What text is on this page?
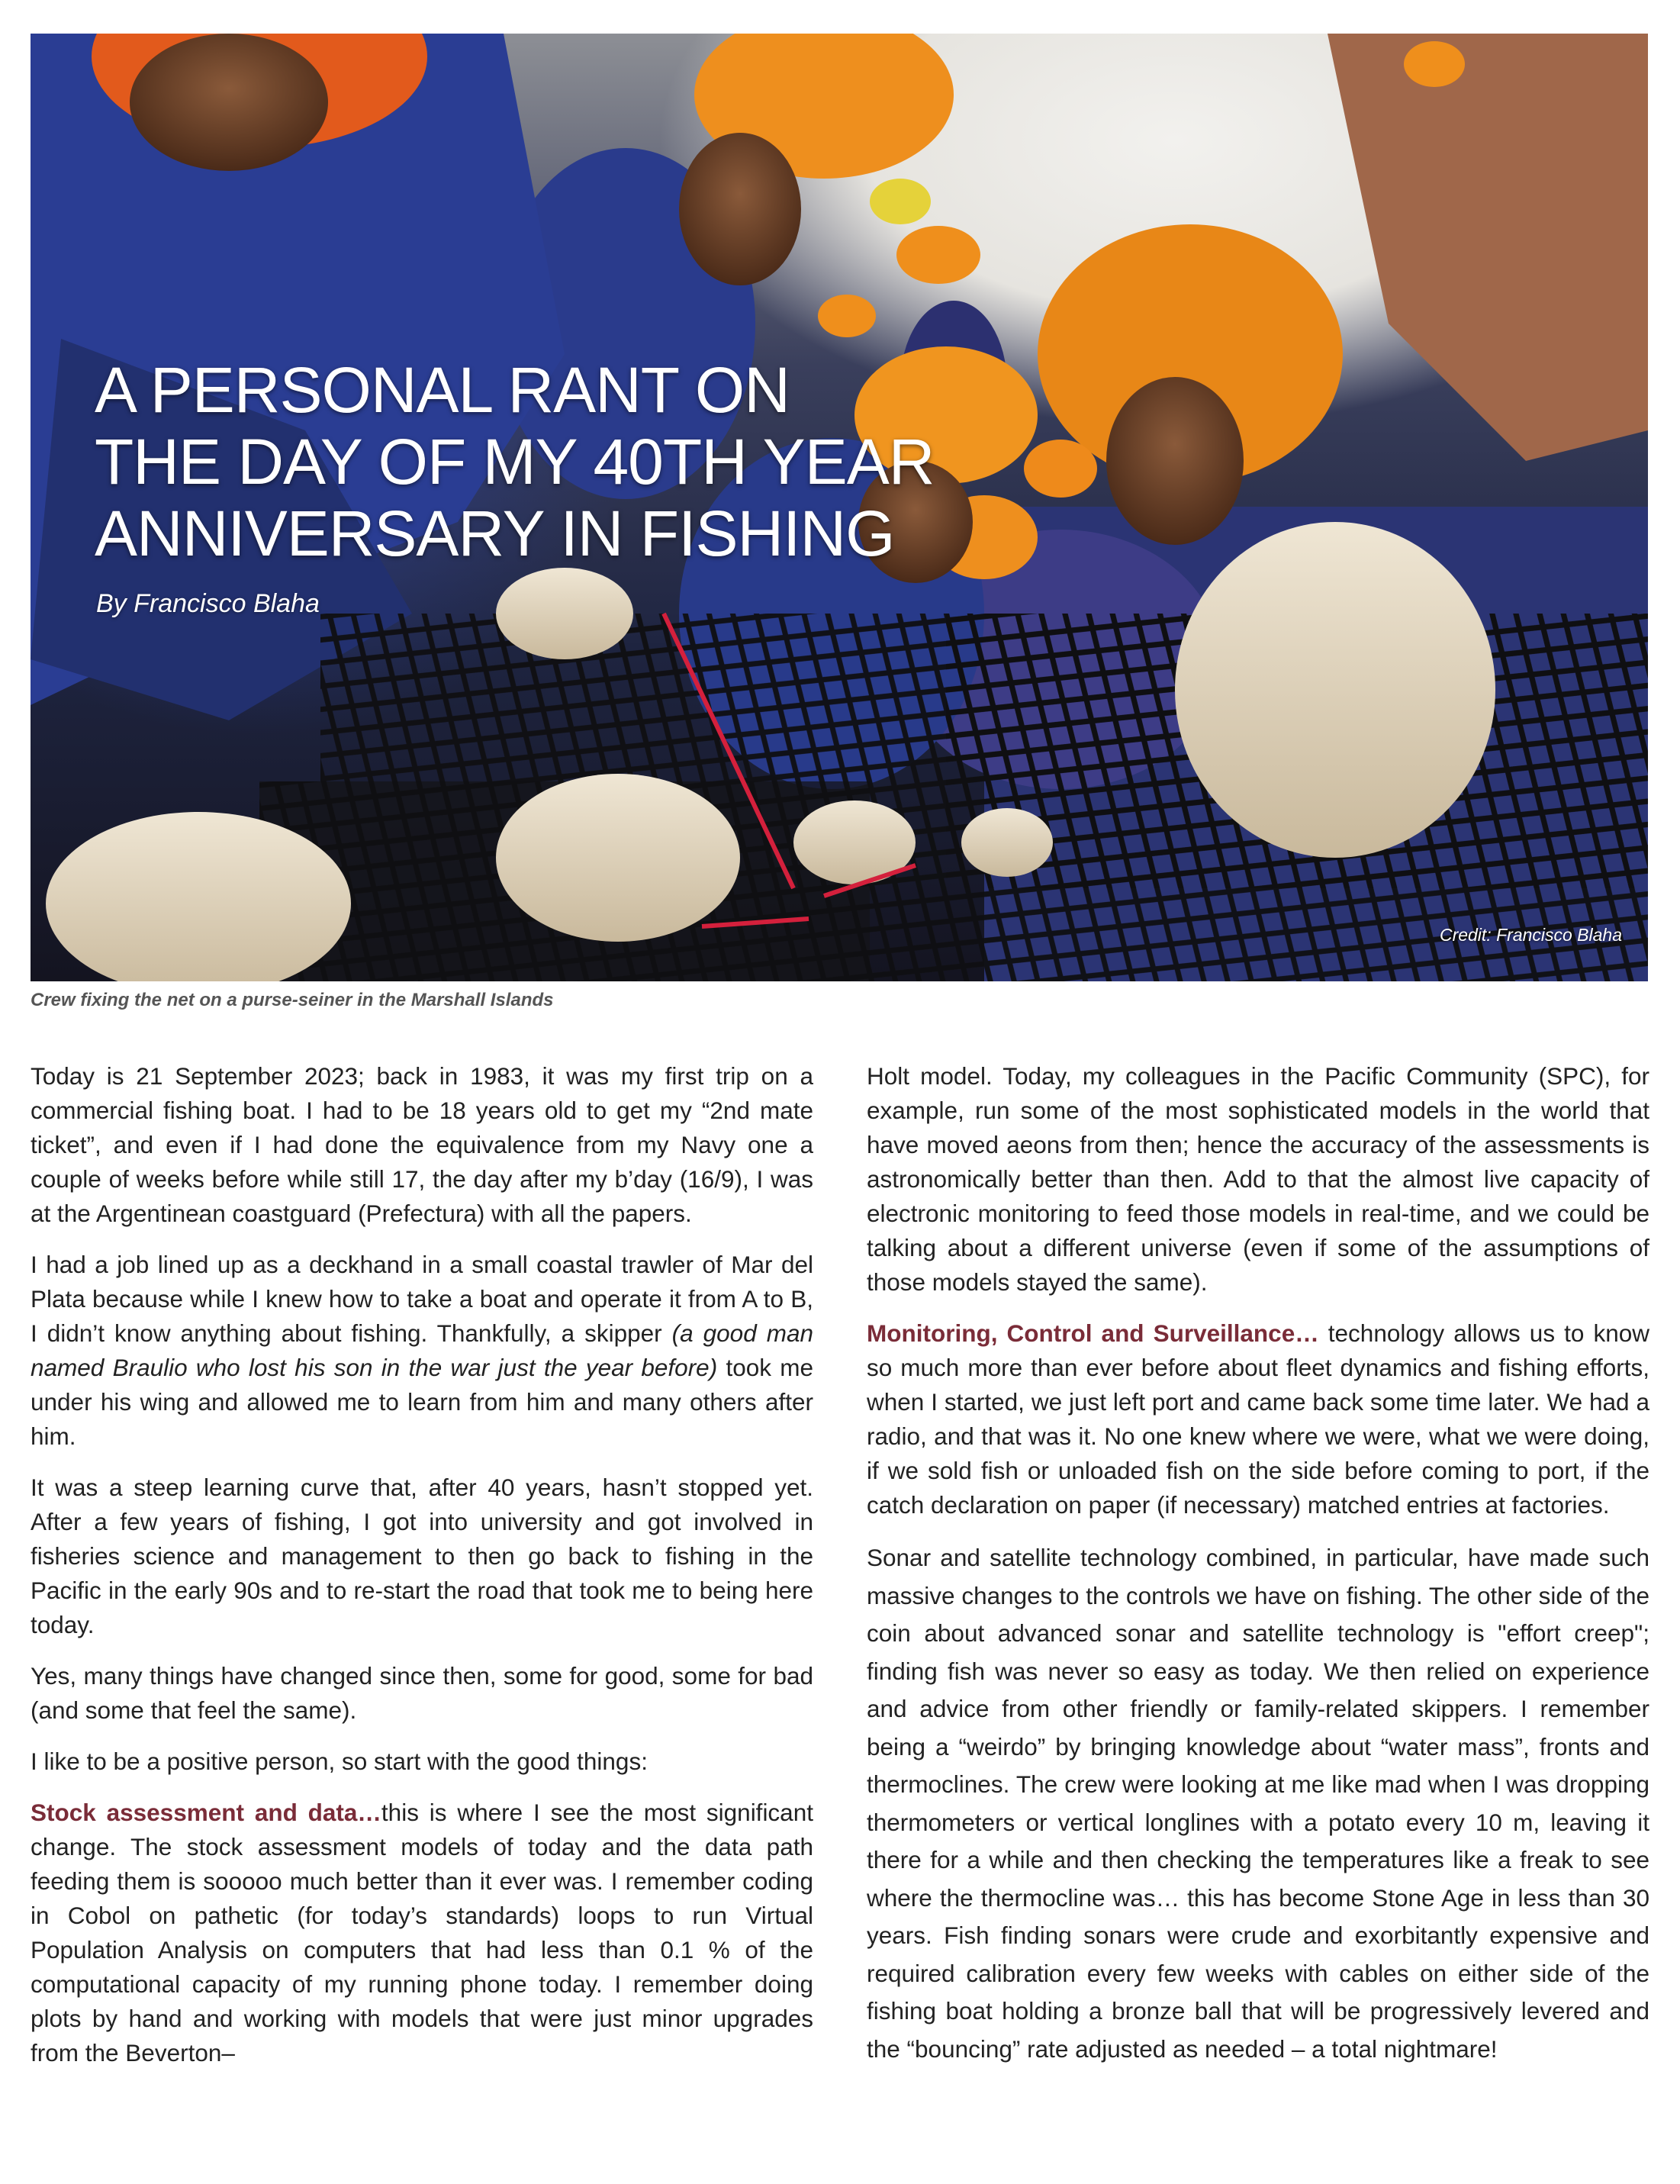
A PERSONAL RANT ON
THE DAY OF MY 40TH YEAR
ANNIVERSARY IN FISHING
By Francisco Blaha
Credit: Francisco Blaha
Crew fixing the net on a purse-seiner in the Marshall Islands

Today is 21 September 2023; back in 1983, it was my first trip on a commercial fishing boat. I had to be 18 years old to get my “2nd mate ticket”, and even if I had done the equivalence from my Navy one a couple of weeks before while still 17, the day after my b’day (16/9), I was at the Argentinean coastguard (Prefectura) with all the papers.

I had a job lined up as a deckhand in a small coastal trawler of Mar del Plata because while I knew how to take a boat and operate it from A to B, I didn’t know anything about fishing. Thankfully, a skipper (a good man named Braulio who lost his son in the war just the year before) took me under his wing and allowed me to learn from him and many others after him.

It was a steep learning curve that, after 40 years, hasn’t stopped yet. After a few years of fishing, I got into university and got involved in fisheries science and management to then go back to fishing in the Pacific in the early 90s and to re-start the road that took me to being here today.

Yes, many things have changed since then, some for good, some for bad (and some that feel the same).

I like to be a positive person, so start with the good things:

Stock assessment and data…this is where I see the most significant change. The stock assessment models of today and the data path feeding them is sooooo much better than it ever was. I remember coding in Cobol on pathetic (for today’s standards) loops to run Virtual Population Analysis on computers that had less than 0.1 % of the computational capacity of my running phone today. I remember doing plots by hand and working with models that were just minor upgrades from the Beverton–

Holt model. Today, my colleagues in the Pacific Community (SPC), for example, run some of the most sophisticated models in the world that have moved aeons from then; hence the accuracy of the assessments is astronomically better than then. Add to that the almost live capacity of electronic monitoring to feed those models in real-time, and we could be talking about a different universe (even if some of the assumptions of those models stayed the same).

Monitoring, Control and Surveillance… technology allows us to know so much more than ever before about fleet dynamics and fishing efforts, when I started, we just left port and came back some time later. We had a radio, and that was it. No one knew where we were, what we were doing, if we sold fish or unloaded fish on the side before coming to port, if the catch declaration on paper (if necessary) matched entries at factories.

Sonar and satellite technology combined, in particular, have made such massive changes to the controls we have on fishing. The other side of the coin about advanced sonar and satellite technology is "effort creep"; finding fish was never so easy as today. We then relied on experience and advice from other friendly or family-related skippers. I remember being a “weirdo” by bringing knowledge about “water mass”, fronts and thermoclines. The crew were looking at me like mad when I was dropping thermometers or vertical longlines with a potato every 10 m, leaving it there for a while and then checking the temperatures like a freak to see where the thermocline was… this has become Stone Age in less than 30 years. Fish finding sonars were crude and exorbitantly expensive and required calibration every few weeks with cables on either side of the fishing boat holding a bronze ball that will be progressively levered and the “bouncing” rate adjusted as needed – a total nightmare!
